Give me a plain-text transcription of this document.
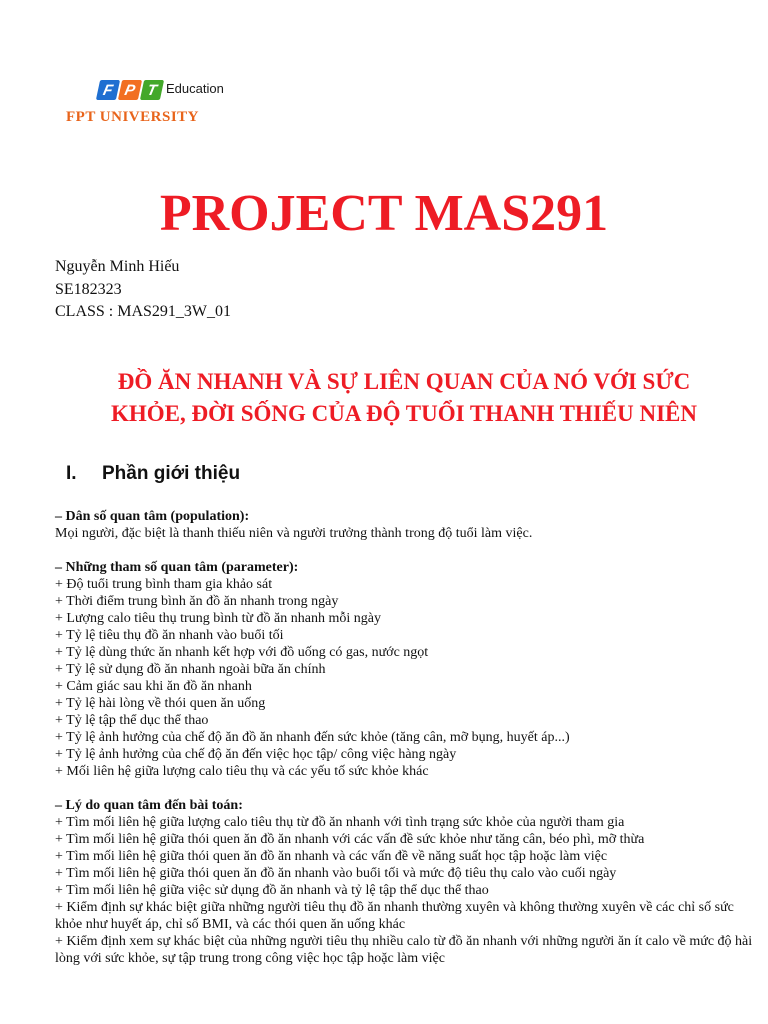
F P T Education
FPT UNIVERSITY
PROJECT MAS291
Nguyễn Minh Hiếu
SE182323
CLASS : MAS291_3W_01
ĐỒ ĂN NHANH VÀ SỰ LIÊN QUAN CỦA NÓ VỚI SỨC KHỎE, ĐỜI SỐNG CỦA ĐỘ TUỔI THANH THIẾU NIÊN
I. Phần giới thiệu
– Dân số quan tâm (population):
Mọi người, đặc biệt là thanh thiếu niên và người trưởng thành trong độ tuổi làm việc.
– Những tham số quan tâm (parameter):
+ Độ tuổi trung bình tham gia khảo sát
+ Thời điểm trung bình ăn đồ ăn nhanh trong ngày
+ Lượng calo tiêu thụ trung bình từ đồ ăn nhanh mỗi ngày
+ Tỷ lệ tiêu thụ đồ ăn nhanh vào buổi tối
+ Tỷ lệ dùng thức ăn nhanh kết hợp với đồ uống có gas, nước ngọt
+ Tỷ lệ sử dụng đồ ăn nhanh ngoài bữa ăn chính
+ Cảm giác sau khi ăn đồ ăn nhanh
+ Tỷ lệ hài lòng về thói quen ăn uống
+ Tỷ lệ tập thể dục thể thao
+ Tỷ lệ ảnh hưởng của chế độ ăn đồ ăn nhanh đến sức khỏe (tăng cân, mỡ bụng, huyết áp...)
+ Tỷ lệ ảnh hưởng của chế độ ăn đến việc học tập/ công việc hàng ngày
+ Mối liên hệ giữa lượng calo tiêu thụ và các yếu tố sức khỏe khác
– Lý do quan tâm đến bài toán:
+ Tìm mối liên hệ giữa lượng calo tiêu thụ từ đồ ăn nhanh với tình trạng sức khỏe của người tham gia
+ Tìm mối liên hệ giữa thói quen ăn đồ ăn nhanh với các vấn đề sức khỏe như tăng cân, béo phì, mỡ thừa
+ Tìm mối liên hệ giữa thói quen ăn đồ ăn nhanh và các vấn đề về năng suất học tập hoặc làm việc
+ Tìm mối liên hệ giữa thói quen ăn đồ ăn nhanh vào buổi tối và mức độ tiêu thụ calo vào cuối ngày
+ Tìm mối liên hệ giữa việc sử dụng đồ ăn nhanh và tỷ lệ tập thể dục thể thao
+ Kiểm định sự khác biệt giữa những người tiêu thụ đồ ăn nhanh thường xuyên và không thường xuyên về các chỉ số sức khỏe như huyết áp, chỉ số BMI, và các thói quen ăn uống khác
+ Kiểm định xem sự khác biệt của những người tiêu thụ nhiều calo từ đồ ăn nhanh với những người ăn ít calo về mức độ hài lòng với sức khỏe, sự tập trung trong công việc học tập hoặc làm việc
